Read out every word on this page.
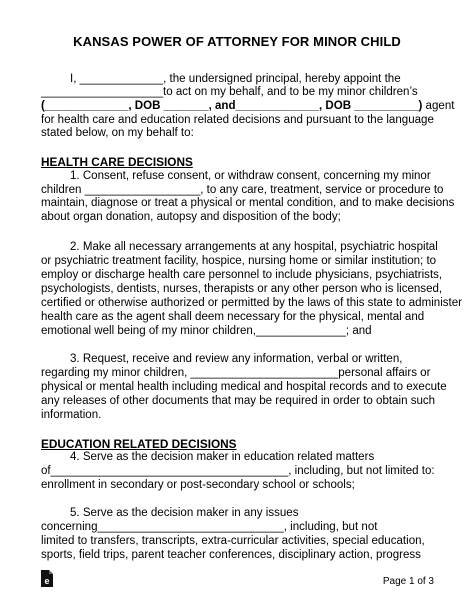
KANSAS POWER OF ATTORNEY FOR MINOR CHILD
I, _____________, the undersigned principal, hereby appoint the
___________________to act on my behalf, and to be my minor children’s
(_____________, DOB _______, and_____________, DOB __________) agent
for health care and education related decisions and pursuant to the language
stated below, on my behalf to:
HEALTH CARE DECISIONS
1. Consent, refuse consent, or withdraw consent, concerning my minor
children __________________, to any care, treatment, service or procedure to
maintain, diagnose or treat a physical or mental condition, and to make decisions
about organ donation, autopsy and disposition of the body;
2. Make all necessary arrangements at any hospital, psychiatric hospital
or psychiatric treatment facility, hospice, nursing home or similar institution; to
employ or discharge health care personnel to include physicians, psychiatrists,
psychologists, dentists, nurses, therapists or any other person who is licensed,
certified or otherwise authorized or permitted by the laws of this state to administer
health care as the agent shall deem necessary for the physical, mental and
emotional well being of my minor children,______________; and
3. Request, receive and review any information, verbal or written,
regarding my minor children, _______________________personal affairs or
physical or mental health including medical and hospital records and to execute
any releases of other documents that may be required in order to obtain such
information.
EDUCATION RELATED DECISIONS
4. Serve as the decision maker in education related matters
of_____________________________________, including, but not limited to:
enrollment in secondary or post-secondary school or schools;
5. Serve as the decision maker in any issues
concerning_____________________________, including, but not
limited to transfers, transcripts, extra-curricular activities, special education,
sports, field trips, parent teacher conferences, disciplinary action, progress
e	Page 1 of 3
